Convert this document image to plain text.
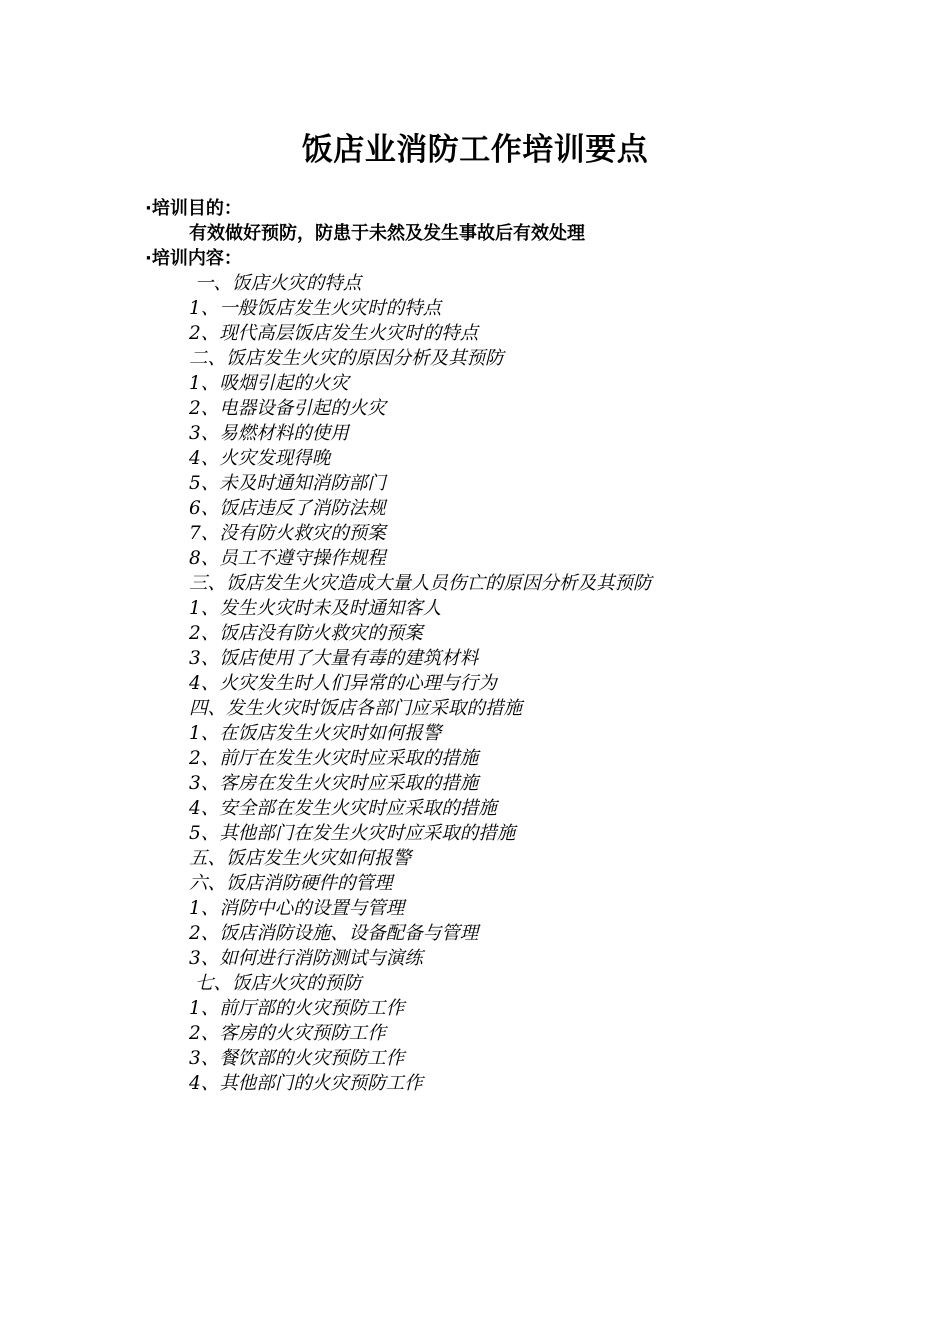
饭店业消防工作培训要点
·培训目的：
有效做好预防，防患于未然及发生事故后有效处理
·培训内容：
一、饭店火灾的特点
1、一般饭店发生火灾时的特点
2、现代高层饭店发生火灾时的特点
二、饭店发生火灾的原因分析及其预防
1、吸烟引起的火灾
2、电器设备引起的火灾
3、易燃材料的使用
4、火灾发现得晚
5、未及时通知消防部门
6、饭店违反了消防法规
7、没有防火救灾的预案
8、员工不遵守操作规程
三、饭店发生火灾造成大量人员伤亡的原因分析及其预防
1、发生火灾时未及时通知客人
2、饭店没有防火救灾的预案
3、饭店使用了大量有毒的建筑材料
4、火灾发生时人们异常的心理与行为
四、发生火灾时饭店各部门应采取的措施
1、在饭店发生火灾时如何报警
2、前厅在发生火灾时应采取的措施
3、客房在发生火灾时应采取的措施
4、安全部在发生火灾时应采取的措施
5、其他部门在发生火灾时应采取的措施
五、饭店发生火灾如何报警
六、饭店消防硬件的管理
1、消防中心的设置与管理
2、饭店消防设施、设备配备与管理
3、如何进行消防测试与演练
七、饭店火灾的预防
1、前厅部的火灾预防工作
2、客房的火灾预防工作
3、餐饮部的火灾预防工作
4、其他部门的火灾预防工作
